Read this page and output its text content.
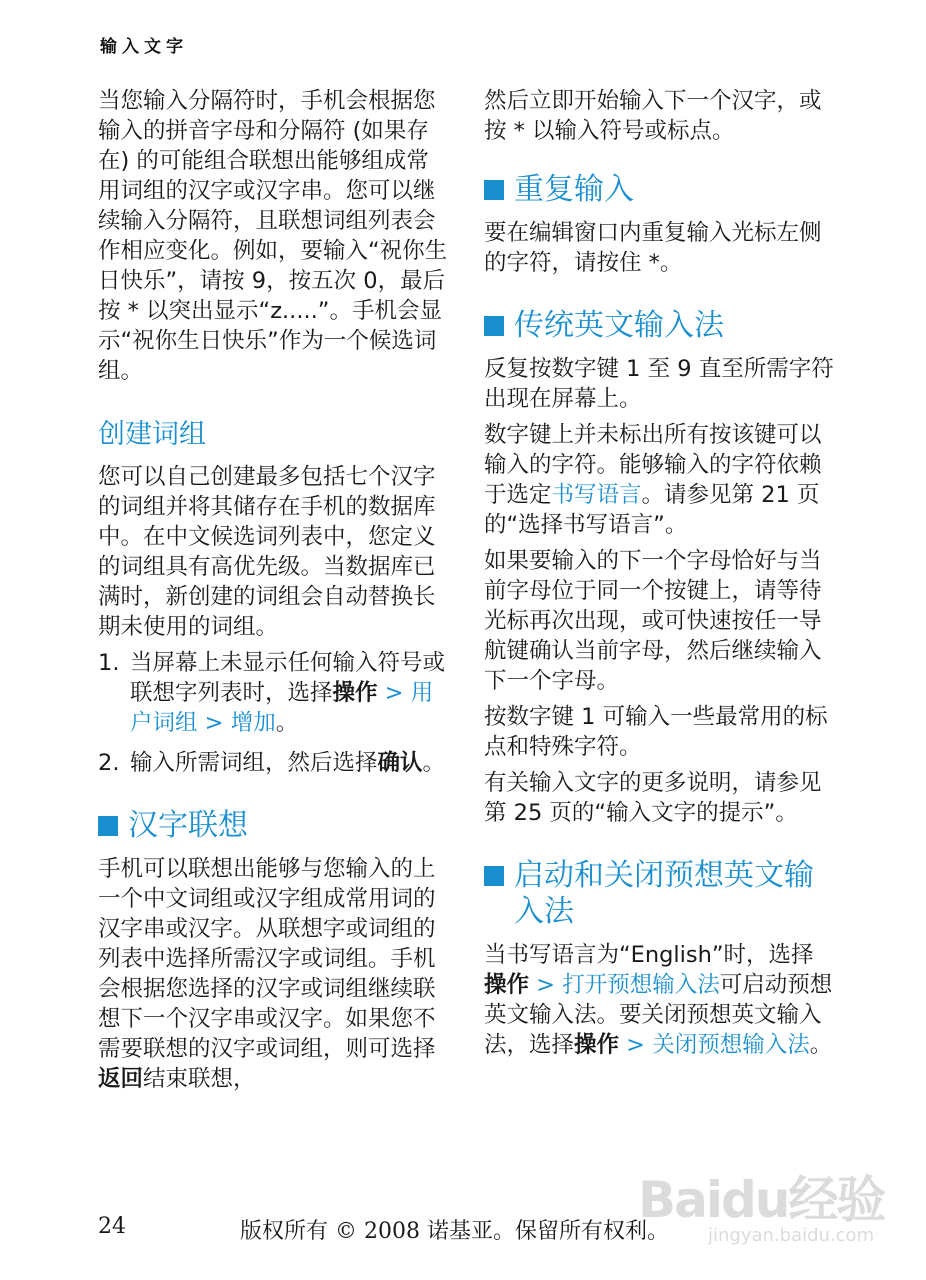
输入文字

当您输入分隔符时，手机会根据您输入的拼音字母和分隔符 (如果存在) 的可能组合联想出能够组成常用词组的汉字或汉字串。您可以继续输入分隔符，且联想词组列表会作相应变化。例如，要输入“祝你生日快乐”，请按 9，按五次 0，最后按 * 以突出显示“z.....”。手机会显示“祝你生日快乐”作为一个候选词组。

创建词组

您可以自己创建最多包括七个汉字的词组并将其储存在手机的数据库中。在中文候选词列表中，您定义的词组具有高优先级。当数据库已满时，新创建的词组会自动替换长期未使用的词组。

1. 当屏幕上未显示任何输入符号或联想字列表时，选择操作 > 用户词组 > 增加。
2. 输入所需词组，然后选择确认。
汉字联想

手机可以联想出能够与您输入的上一个中文词组或汉字组成常用词的汉字串或汉字。从联想字或词组的列表中选择所需汉字或词组。手机会根据您选择的汉字或词组继续联想下一个汉字串或汉字。如果您不需要联想的汉字或词组，则可选择返回结束联想，

然后立即开始输入下一个汉字，或按 * 以输入符号或标点。

重复输入

要在编辑窗口内重复输入光标左侧的字符，请按住 *。

传统英文输入法

反复按数字键 1 至 9 直至所需字符出现在屏幕上。

数字键上并未标出所有按该键可以输入的字符。能够输入的字符依赖于选定书写语言。请参见第 21 页的“选择书写语言”。

如果要输入的下一个字母恰好与当前字母位于同一个按键上，请等待光标再次出现，或可快速按任一导航键确认当前字母，然后继续输入下一个字母。

按数字键 1 可输入一些最常用的标点和特殊字符。

有关输入文字的更多说明，请参见第 25 页的“输入文字的提示”。

启动和关闭预想英文输入法

当书写语言为“English”时，选择操作 > 打开预想输入法可启动预想英文输入法。要关闭预想英文输入法，选择操作 > 关闭预想输入法。

Baidu经验
jingyan.baidu.com
24	版权所有 © 2008 诺基亚。保留所有权利。
